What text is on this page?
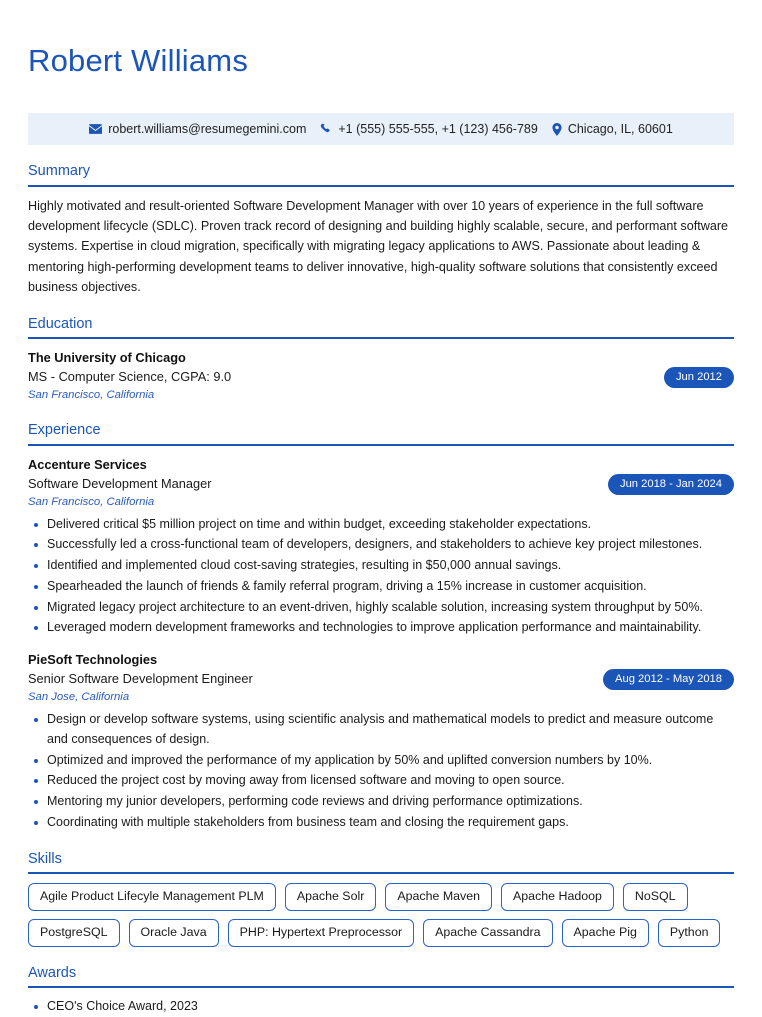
Robert Williams
robert.williams@resumegemini.com	+1 (555) 555-555, +1 (123) 456-789 Chicago, IL, 60601
Summary
Highly motivated and result-oriented Software Development Manager with over 10 years of experience in the full software development lifecycle (SDLC). Proven track record of designing and building highly scalable, secure, and performant software systems. Expertise in cloud migration, specifically with migrating legacy applications to AWS. Passionate about leading & mentoring high-performing development teams to deliver innovative, high-quality software solutions that consistently exceed business objectives.
Education
The University of Chicago
MS - Computer Science, CGPA: 9.0
San Francisco, California
Jun 2012
Experience
Accenture Services
Software Development Manager
San Francisco, California
Jun 2018 - Jan 2024
Delivered critical $5 million project on time and within budget, exceeding stakeholder expectations.
Successfully led a cross-functional team of developers, designers, and stakeholders to achieve key project milestones.
Identified and implemented cloud cost-saving strategies, resulting in $50,000 annual savings.
Spearheaded the launch of friends & family referral program, driving a 15% increase in customer acquisition.
Migrated legacy project architecture to an event-driven, highly scalable solution, increasing system throughput by 50%.
Leveraged modern development frameworks and technologies to improve application performance and maintainability.
PieSoft Technologies
Senior Software Development Engineer
San Jose, California
Aug 2012 - May 2018
Design or develop software systems, using scientific analysis and mathematical models to predict and measure outcome and consequences of design.
Optimized and improved the performance of my application by 50% and uplifted conversion numbers by 10%.
Reduced the project cost by moving away from licensed software and moving to open source.
Mentoring my junior developers, performing code reviews and driving performance optimizations.
Coordinating with multiple stakeholders from business team and closing the requirement gaps.
Skills
Agile Product Lifecyle Management PLM	Apache Solr	Apache Maven	Apache Hadoop	NoSQL
PostgreSQL	Oracle Java	PHP: Hypertext Preprocessor	Apache Cassandra	Apache Pig	Python
Awards
CEO's Choice Award, 2023
